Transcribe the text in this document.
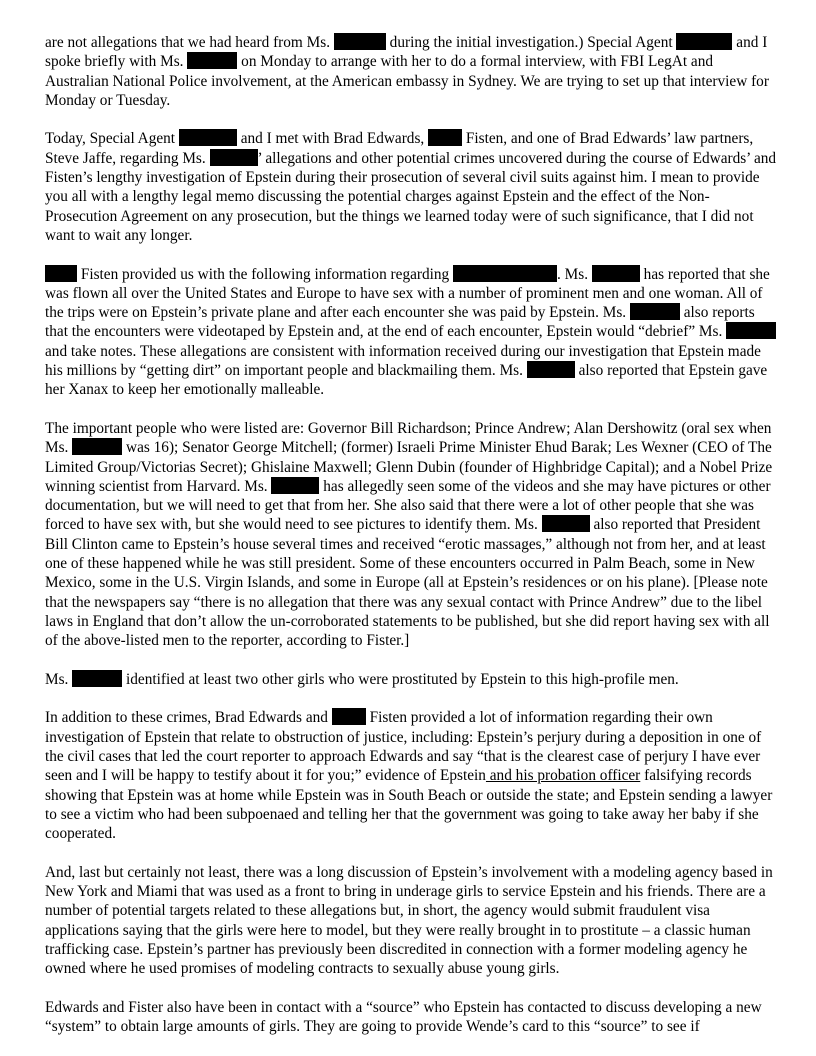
are not allegations that we had heard from Ms.	during the initial investigation.) Special Agent	and I spoke briefly with Ms.	on Monday to arrange with her to do a formal interview, with FBI LegAt and Australian National Police involvement, at the American embassy in Sydney. We are trying to set up that interview for Monday or Tuesday.

Today, Special Agent	and I met with Brad Edwards,  Fisten, and one of Brad Edwards’ law partners, Steve Jaffe, regarding Ms.	’ allegations and other potential crimes uncovered during the course of Edwards’ and Fisten’s lengthy investigation of Epstein during their prosecution of several civil suits against him. I mean to provide you all with a lengthy legal memo discussing the potential charges against Epstein and the effect of the Non-Prosecution Agreement on any prosecution, but the things we learned today were of such significance, that I did not want to wait any longer.

Fisten provided us with the following information regarding	. Ms.	has reported that she was flown all over the United States and Europe to have sex with a number of prominent men and one woman. All of the trips were on Epstein’s private plane and after each encounter she was paid by Epstein. Ms.	also reports that the encounters were videotaped by Epstein and, at the end of each encounter, Epstein would “debrief” Ms.  and take notes. These allegations are consistent with information received during our investigation that Epstein made his millions by “getting dirt” on important people and blackmailing them. Ms.	also reported that Epstein gave her Xanax to keep her emotionally malleable.

The important people who were listed are: Governor Bill Richardson; Prince Andrew; Alan Dershowitz (oral sex when Ms.	was 16); Senator George Mitchell; (former) Israeli Prime Minister Ehud Barak; Les Wexner (CEO of The Limited Group/Victorias Secret); Ghislaine Maxwell; Glenn Dubin (founder of Highbridge Capital); and a Nobel Prize winning scientist from Harvard. Ms.	has allegedly seen some of the videos and she may have pictures or other documentation, but we will need to get that from her. She also said that there were a lot of other people that she was forced to have sex with, but she would need to see pictures to identify them. Ms.	also reported that President Bill Clinton came to Epstein’s house several times and received “erotic massages,” although not from her, and at least one of these happened while he was still president. Some of these encounters occurred in Palm Beach, some in New Mexico, some in the U.S. Virgin Islands, and some in Europe (all at Epstein’s residences or on his plane). [Please note that the newspapers say “there is no allegation that there was any sexual contact with Prince Andrew” due to the libel laws in England that don’t allow the un-corroborated statements to be published, but she did report having sex with all of the above-listed men to the reporter, according to Fister.]

Ms.	identified at least two other girls who were prostituted by Epstein to this high-profile men.

In addition to these crimes, Brad Edwards and  Fisten provided a lot of information regarding their own investigation of Epstein that relate to obstruction of justice, including: Epstein’s perjury during a deposition in one of the civil cases that led the court reporter to approach Edwards and say “that is the clearest case of perjury I have ever seen and I will be happy to testify about it for you;” evidence of Epstein and his probation officer falsifying records showing that Epstein was at home while Epstein was in South Beach or outside the state; and Epstein sending a lawyer to see a victim who had been subpoenaed and telling her that the government was going to take away her baby if she cooperated.

And, last but certainly not least, there was a long discussion of Epstein’s involvement with a modeling agency based in New York and Miami that was used as a front to bring in underage girls to service Epstein and his friends. There are a number of potential targets related to these allegations but, in short, the agency would submit fraudulent visa applications saying that the girls were here to model, but they were really brought in to prostitute – a classic human trafficking case. Epstein’s partner has previously been discredited in connection with a former modeling agency he owned where he used promises of modeling contracts to sexually abuse young girls.

Edwards and Fister also have been in contact with a “source” who Epstein has contacted to discuss developing a new “system” to obtain large amounts of girls. They are going to provide Wende’s card to this “source” to see if
